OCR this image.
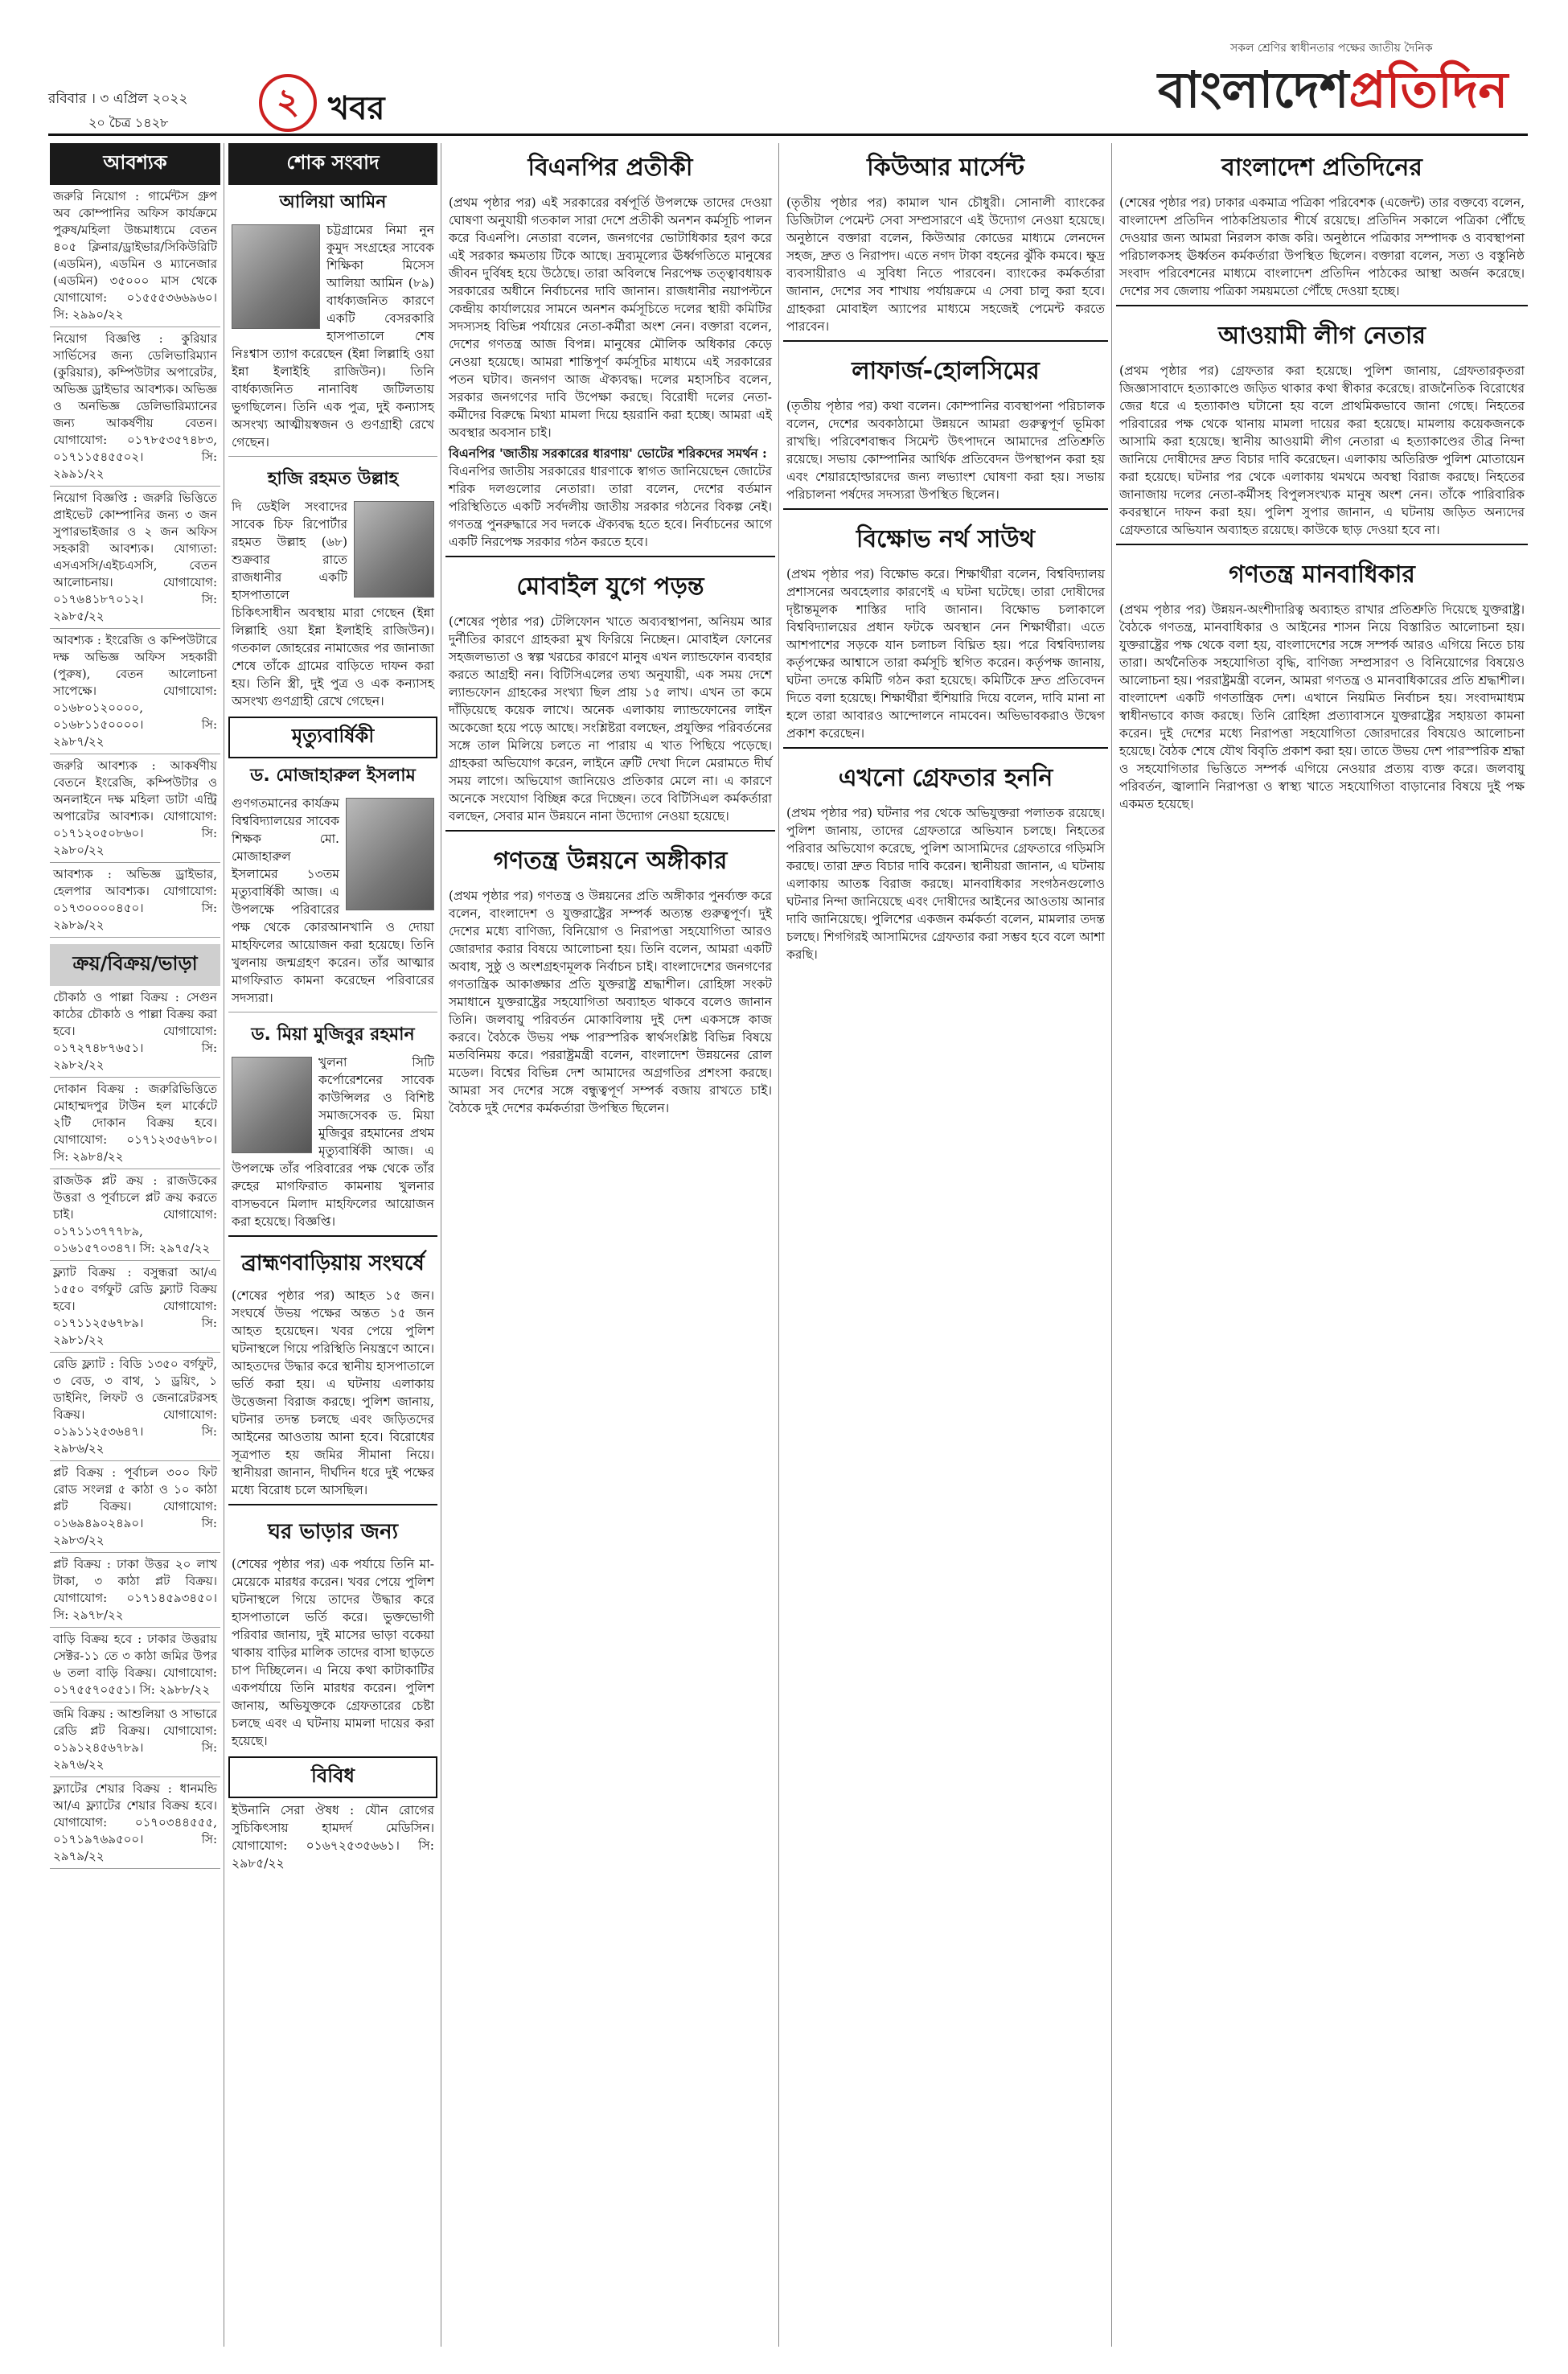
রবিবার । ৩ এপ্রিল ২০২২
২০ চৈত্র ১৪২৮
২ খবর
সকল শ্রেণির স্বাধীনতার পক্ষের জাতীয় দৈনিক
বাংলাদেশপ্রতিদিন
আবশ্যক
জরুরি নিয়োগ : গার্মেন্টস গ্রুপ অব কোম্পানির অফিস কার্যক্রমে পুরুষ/মহিলা উচ্চমাধ্যমে বেতন ৪০৫ ক্লিনার/ড্রাইভার/সিকিউরিটি (এডমিন), এডমিন ও ম্যানেজার (এডমিন) ৩৫০০০ মাস থেকে যোগাযোগ: ০১৫৫৫৩৬৬৯৬০। সি: ২৯৯০/২২
নিয়োগ বিজ্ঞপ্তি : কুরিয়ার সার্ভিসের জন্য ডেলিভারিম্যান (কুরিয়ার), কম্পিউটার অপারেটর, অভিজ্ঞ ড্রাইভার আবশ্যক। অভিজ্ঞ ও অনভিজ্ঞ ডেলিভারিম্যানের জন্য আকর্ষণীয় বেতন। যোগাযোগ: ০১৭৮৫৩৫৭৪৮৩, ০১৭১১৫৪৫৫০২। সি: ২৯৯১/২২
নিয়োগ বিজ্ঞপ্তি : জরুরি ভিত্তিতে প্রাইভেট কোম্পানির জন্য ৩ জন সুপারভাইজার ও ২ জন অফিস সহকারী আবশ্যক। যোগ্যতা: এসএসসি/এইচএসসি, বেতন আলোচনায়। যোগাযোগ: ০১৭৬৪১৮৭০১২। সি: ২৯৮৫/২২
আবশ্যক : ইংরেজি ও কম্পিউটারে দক্ষ অভিজ্ঞ অফিস সহকারী (পুরুষ), বেতন আলোচনা সাপেক্ষে। যোগাযোগ: ০১৬৮০১২০০০০, ০১৬৮১১৫০০০০। সি: ২৯৮৭/২২
জরুরি আবশ্যক : আকর্ষণীয় বেতনে ইংরেজি, কম্পিউটার ও অনলাইনে দক্ষ মহিলা ডাটা এন্ট্রি অপারেটর আবশ্যক। যোগাযোগ: ০১৭১২০৫০৮৬০। সি: ২৯৮০/২২
আবশ্যক : অভিজ্ঞ ড্রাইভার, হেলপার আবশ্যক। যোগাযোগ: ০১৭৩০০০০৪৫০। সি: ২৯৮৯/২২
ক্রয়/বিক্রয়/ভাড়া
চৌকাঠ ও পাল্লা বিক্রয় : সেগুন কাঠের চৌকাঠ ও পাল্লা বিক্রয় করা হবে। যোগাযোগ: ০১৭২৭৪৮৭৬৫১। সি: ২৯৮২/২২
দোকান বিক্রয় : জরুরিভিত্তিতে মোহাম্মদপুর টাউন হল মার্কেটে ২টি দোকান বিক্রয় হবে। যোগাযোগ: ০১৭১২৩৫৬৭৮০। সি: ২৯৮৪/২২
রাজউক প্লট ক্রয় : রাজউকের উত্তরা ও পূর্বাচলে প্লট ক্রয় করতে চাই। যোগাযোগ: ০১৭১১৩৭৭৭৮৯, ০১৬১৫৭০৩৪৭। সি: ২৯৭৫/২২
ফ্ল্যাট বিক্রয় : বসুন্ধরা আ/এ ১৫৫০ বর্গফুট রেডি ফ্ল্যাট বিক্রয় হবে। যোগাযোগ: ০১৭১১২৫৬৭৮৯। সি: ২৯৮১/২২
রেডি ফ্ল্যাট : বিডি ১৩৫০ বর্গফুট, ৩ বেড, ৩ বাথ, ১ ড্রয়িং, ১ ডাইনিং, লিফট ও জেনারেটরসহ বিক্রয়। যোগাযোগ: ০১৯১১২৫৩৬৪৭। সি: ২৯৮৬/২২
প্লট বিক্রয় : পূর্বাচল ৩০০ ফিট রোড সংলগ্ন ৫ কাঠা ও ১০ কাঠা প্লট বিক্রয়। যোগাযোগ: ০১৬৯৪৯০২৪৯০। সি: ২৯৮৩/২২
প্লট বিক্রয় : ঢাকা উত্তর ২০ লাখ টাকা, ৩ কাঠা প্লট বিক্রয়। যোগাযোগ: ০১৭১৪৫৯৩৪৫০। সি: ২৯৭৮/২২
বাড়ি বিক্রয় হবে : ঢাকার উত্তরায় সেক্টর-১১ তে ৩ কাঠা জমির উপর ৬ তলা বাড়ি বিক্রয়। যোগাযোগ: ০১৭৫৫৭০৫৫১। সি: ২৯৮৮/২২
জমি বিক্রয় : আশুলিয়া ও সাভারে রেডি প্লট বিক্রয়। যোগাযোগ: ০১৯১২৪৫৬৭৮৯। সি: ২৯৭৬/২২
ফ্ল্যাটের শেয়ার বিক্রয় : ধানমন্ডি আ/এ ফ্ল্যাটের শেয়ার বিক্রয় হবে। যোগাযোগ: ০১৭০৩৪৪৫৫৫, ০১৭১৯৭৬৯৫০০। সি: ২৯৭৯/২২
শোক সংবাদ
আলিয়া আমিন
চট্টগ্রামের নিমা নুন কুমুদ সংগ্রহের সাবেক শিক্ষিকা মিসেস আলিয়া আমিন (৮৯) বার্ধক্যজনিত কারণে একটি বেসরকারি হাসপাতালে শেষ নিঃশ্বাস ত্যাগ করেছেন (ইন্না লিল্লাহি ওয়া ইন্না ইলাইহি রাজিউন)। তিনি বার্ধক্যজনিত নানাবিধ জটিলতায় ভুগছিলেন। তিনি এক পুত্র, দুই কন্যাসহ অসংখ্য আত্মীয়স্বজন ও গুণগ্রাহী রেখে গেছেন।
হাজি রহমত উল্লাহ
দি ডেইলি সংবাদের সাবেক চিফ রিপোর্টার রহমত উল্লাহ (৬৮) শুক্রবার রাতে রাজধানীর একটি হাসপাতালে চিকিৎসাধীন অবস্থায় মারা গেছেন (ইন্না লিল্লাহি ওয়া ইন্না ইলাইহি রাজিউন)। গতকাল জোহরের নামাজের পর জানাজা শেষে তাঁকে গ্রামের বাড়িতে দাফন করা হয়। তিনি স্ত্রী, দুই পুত্র ও এক কন্যাসহ অসংখ্য গুণগ্রাহী রেখে গেছেন।
মৃত্যুবার্ষিকী
ড. মোজাহারুল ইসলাম
গুণগতমানের কার্যক্রম বিশ্ববিদ্যালয়ের সাবেক শিক্ষক মো. মোজাহারুল ইসলামের ১৩তম মৃত্যুবার্ষিকী আজ। এ উপলক্ষে পরিবারের পক্ষ থেকে কোরআনখানি ও দোয়া মাহফিলের আয়োজন করা হয়েছে। তিনি খুলনায় জন্মগ্রহণ করেন। তাঁর আত্মার মাগফিরাত কামনা করেছেন পরিবারের সদস্যরা।
ড. মিয়া মুজিবুর রহমান
খুলনা সিটি কর্পোরেশনের সাবেক কাউন্সিলর ও বিশিষ্ট সমাজসেবক ড. মিয়া মুজিবুর রহমানের প্রথম মৃত্যুবার্ষিকী আজ। এ উপলক্ষে তাঁর পরিবারের পক্ষ থেকে তাঁর রুহের মাগফিরাত কামনায় খুলনার বাসভবনে মিলাদ মাহফিলের আয়োজন করা হয়েছে। বিজ্ঞপ্তি।
ব্রাহ্মণবাড়িয়ায় সংঘর্ষে
(শেষের পৃষ্ঠার পর) আহত ১৫ জন। সংঘর্ষে উভয় পক্ষের অন্তত ১৫ জন আহত হয়েছেন। খবর পেয়ে পুলিশ ঘটনাস্থলে গিয়ে পরিস্থিতি নিয়ন্ত্রণে আনে। আহতদের উদ্ধার করে স্থানীয় হাসপাতালে ভর্তি করা হয়। এ ঘটনায় এলাকায় উত্তেজনা বিরাজ করছে। পুলিশ জানায়, ঘটনার তদন্ত চলছে এবং জড়িতদের আইনের আওতায় আনা হবে। বিরোধের সূত্রপাত হয় জমির সীমানা নিয়ে। স্থানীয়রা জানান, দীর্ঘদিন ধরে দুই পক্ষের মধ্যে বিরোধ চলে আসছিল।
ঘর ভাড়ার জন্য
(শেষের পৃষ্ঠার পর) এক পর্যায়ে তিনি মা-মেয়েকে মারধর করেন। খবর পেয়ে পুলিশ ঘটনাস্থলে গিয়ে তাদের উদ্ধার করে হাসপাতালে ভর্তি করে। ভুক্তভোগী পরিবার জানায়, দুই মাসের ভাড়া বকেয়া থাকায় বাড়ির মালিক তাদের বাসা ছাড়তে চাপ দিচ্ছিলেন। এ নিয়ে কথা কাটাকাটির একপর্যায়ে তিনি মারধর করেন। পুলিশ জানায়, অভিযুক্তকে গ্রেফতারের চেষ্টা চলছে এবং এ ঘটনায় মামলা দায়ের করা হয়েছে।
বিবিধ
ইউনানি সেরা ঔষধ : যৌন রোগের সুচিকিৎসায় হামদর্দ মেডিসিন। যোগাযোগ: ০১৬৭২৫৩৫৬৬১। সি: ২৯৮৫/২২
বিএনপির প্রতীকী
(প্রথম পৃষ্ঠার পর) এই সরকারের বর্ষপূর্তি উপলক্ষে তাদের দেওয়া ঘোষণা অনুযায়ী গতকাল সারা দেশে প্রতীকী অনশন কর্মসূচি পালন করে বিএনপি। নেতারা বলেন, জনগণের ভোটাধিকার হরণ করে এই সরকার ক্ষমতায় টিকে আছে। দ্রব্যমূল্যের ঊর্ধ্বগতিতে মানুষের জীবন দুর্বিষহ হয়ে উঠেছে। তারা অবিলম্বে নিরপেক্ষ তত্ত্বাবধায়ক সরকারের অধীনে নির্বাচনের দাবি জানান। রাজধানীর নয়াপল্টনে কেন্দ্রীয় কার্যালয়ের সামনে অনশন কর্মসূচিতে দলের স্থায়ী কমিটির সদস্যসহ বিভিন্ন পর্যায়ের নেতা-কর্মীরা অংশ নেন। বক্তারা বলেন, দেশের গণতন্ত্র আজ বিপন্ন। মানুষের মৌলিক অধিকার কেড়ে নেওয়া হয়েছে। আমরা শান্তিপূর্ণ কর্মসূচির মাধ্যমে এই সরকারের পতন ঘটাব। জনগণ আজ ঐক্যবদ্ধ। দলের মহাসচিব বলেন, সরকার জনগণের দাবি উপেক্ষা করছে। বিরোধী দলের নেতা-কর্মীদের বিরুদ্ধে মিথ্যা মামলা দিয়ে হয়রানি করা হচ্ছে। আমরা এই অবস্থার অবসান চাই।
বিএনপির 'জাতীয় সরকারের ধারণায়' ভোটের শরিকদের সমর্থন :
বিএনপির জাতীয় সরকারের ধারণাকে স্বাগত জানিয়েছেন জোটের শরিক দলগুলোর নেতারা। তারা বলেন, দেশের বর্তমান পরিস্থিতিতে একটি সর্বদলীয় জাতীয় সরকার গঠনের বিকল্প নেই। গণতন্ত্র পুনরুদ্ধারে সব দলকে ঐক্যবদ্ধ হতে হবে। নির্বাচনের আগে একটি নিরপেক্ষ সরকার গঠন করতে হবে।
মোবাইল যুগে পড়ন্ত
(শেষের পৃষ্ঠার পর) টেলিফোন খাতে অব্যবস্থাপনা, অনিয়ম আর দুর্নীতির কারণে গ্রাহকরা মুখ ফিরিয়ে নিচ্ছেন। মোবাইল ফোনের সহজলভ্যতা ও স্বল্প খরচের কারণে মানুষ এখন ল্যান্ডফোন ব্যবহার করতে আগ্রহী নন। বিটিসিএলের তথ্য অনুযায়ী, এক সময় দেশে ল্যান্ডফোন গ্রাহকের সংখ্যা ছিল প্রায় ১৫ লাখ। এখন তা কমে দাঁড়িয়েছে কয়েক লাখে। অনেক এলাকায় ল্যান্ডফোনের লাইন অকেজো হয়ে পড়ে আছে। সংশ্লিষ্টরা বলছেন, প্রযুক্তির পরিবর্তনের সঙ্গে তাল মিলিয়ে চলতে না পারায় এ খাত পিছিয়ে পড়েছে। গ্রাহকরা অভিযোগ করেন, লাইনে ত্রুটি দেখা দিলে মেরামতে দীর্ঘ সময় লাগে। অভিযোগ জানিয়েও প্রতিকার মেলে না। এ কারণে অনেকে সংযোগ বিচ্ছিন্ন করে দিচ্ছেন। তবে বিটিসিএল কর্মকর্তারা বলছেন, সেবার মান উন্নয়নে নানা উদ্যোগ নেওয়া হয়েছে।
গণতন্ত্র উন্নয়নে অঙ্গীকার
(প্রথম পৃষ্ঠার পর) গণতন্ত্র ও উন্নয়নের প্রতি অঙ্গীকার পুনর্ব্যক্ত করে বলেন, বাংলাদেশ ও যুক্তরাষ্ট্রের সম্পর্ক অত্যন্ত গুরুত্বপূর্ণ। দুই দেশের মধ্যে বাণিজ্য, বিনিয়োগ ও নিরাপত্তা সহযোগিতা আরও জোরদার করার বিষয়ে আলোচনা হয়। তিনি বলেন, আমরা একটি অবাধ, সুষ্ঠু ও অংশগ্রহণমূলক নির্বাচন চাই। বাংলাদেশের জনগণের গণতান্ত্রিক আকাঙ্ক্ষার প্রতি যুক্তরাষ্ট্র শ্রদ্ধাশীল। রোহিঙ্গা সংকট সমাধানে যুক্তরাষ্ট্রের সহযোগিতা অব্যাহত থাকবে বলেও জানান তিনি। জলবায়ু পরিবর্তন মোকাবিলায় দুই দেশ একসঙ্গে কাজ করবে। বৈঠকে উভয় পক্ষ পারস্পরিক স্বার্থসংশ্লিষ্ট বিভিন্ন বিষয়ে মতবিনিময় করে। পররাষ্ট্রমন্ত্রী বলেন, বাংলাদেশ উন্নয়নের রোল মডেল। বিশ্বের বিভিন্ন দেশ আমাদের অগ্রগতির প্রশংসা করছে। আমরা সব দেশের সঙ্গে বন্ধুত্বপূর্ণ সম্পর্ক বজায় রাখতে চাই। বৈঠকে দুই দেশের কর্মকর্তারা উপস্থিত ছিলেন।
কিউআর মার্সেন্ট
(তৃতীয় পৃষ্ঠার পর) কামাল খান চৌধুরী। সোনালী ব্যাংকের ডিজিটাল পেমেন্ট সেবা সম্প্রসারণে এই উদ্যোগ নেওয়া হয়েছে। অনুষ্ঠানে বক্তারা বলেন, কিউআর কোডের মাধ্যমে লেনদেন সহজ, দ্রুত ও নিরাপদ। এতে নগদ টাকা বহনের ঝুঁকি কমবে। ক্ষুদ্র ব্যবসায়ীরাও এ সুবিধা নিতে পারবেন। ব্যাংকের কর্মকর্তারা জানান, দেশের সব শাখায় পর্যায়ক্রমে এ সেবা চালু করা হবে। গ্রাহকরা মোবাইল অ্যাপের মাধ্যমে সহজেই পেমেন্ট করতে পারবেন।
লাফার্জ-হোলসিমের
(তৃতীয় পৃষ্ঠার পর) কথা বলেন। কোম্পানির ব্যবস্থাপনা পরিচালক বলেন, দেশের অবকাঠামো উন্নয়নে আমরা গুরুত্বপূর্ণ ভূমিকা রাখছি। পরিবেশবান্ধব সিমেন্ট উৎপাদনে আমাদের প্রতিশ্রুতি রয়েছে। সভায় কোম্পানির আর্থিক প্রতিবেদন উপস্থাপন করা হয় এবং শেয়ারহোল্ডারদের জন্য লভ্যাংশ ঘোষণা করা হয়। সভায় পরিচালনা পর্ষদের সদস্যরা উপস্থিত ছিলেন।
বিক্ষোভ নর্থ সাউথ
(প্রথম পৃষ্ঠার পর) বিক্ষোভ করে। শিক্ষার্থীরা বলেন, বিশ্ববিদ্যালয় প্রশাসনের অবহেলার কারণেই এ ঘটনা ঘটেছে। তারা দোষীদের দৃষ্টান্তমূলক শাস্তির দাবি জানান। বিক্ষোভ চলাকালে বিশ্ববিদ্যালয়ের প্রধান ফটকে অবস্থান নেন শিক্ষার্থীরা। এতে আশপাশের সড়কে যান চলাচল বিঘ্নিত হয়। পরে বিশ্ববিদ্যালয় কর্তৃপক্ষের আশ্বাসে তারা কর্মসূচি স্থগিত করেন। কর্তৃপক্ষ জানায়, ঘটনা তদন্তে কমিটি গঠন করা হয়েছে। কমিটিকে দ্রুত প্রতিবেদন দিতে বলা হয়েছে। শিক্ষার্থীরা হুঁশিয়ারি দিয়ে বলেন, দাবি মানা না হলে তারা আবারও আন্দোলনে নামবেন। অভিভাবকরাও উদ্বেগ প্রকাশ করেছেন।
এখনো গ্রেফতার হননি
(প্রথম পৃষ্ঠার পর) ঘটনার পর থেকে অভিযুক্তরা পলাতক রয়েছে। পুলিশ জানায়, তাদের গ্রেফতারে অভিযান চলছে। নিহতের পরিবার অভিযোগ করেছে, পুলিশ আসামিদের গ্রেফতারে গড়িমসি করছে। তারা দ্রুত বিচার দাবি করেন। স্থানীয়রা জানান, এ ঘটনায় এলাকায় আতঙ্ক বিরাজ করছে। মানবাধিকার সংগঠনগুলোও ঘটনার নিন্দা জানিয়েছে এবং দোষীদের আইনের আওতায় আনার দাবি জানিয়েছে। পুলিশের একজন কর্মকর্তা বলেন, মামলার তদন্ত চলছে। শিগগিরই আসামিদের গ্রেফতার করা সম্ভব হবে বলে আশা করছি।
বাংলাদেশ প্রতিদিনের
(শেষের পৃষ্ঠার পর) ঢাকার একমাত্র পত্রিকা পরিবেশক (এজেন্ট) তার বক্তব্যে বলেন, বাংলাদেশ প্রতিদিন পাঠকপ্রিয়তার শীর্ষে রয়েছে। প্রতিদিন সকালে পত্রিকা পৌঁছে দেওয়ার জন্য আমরা নিরলস কাজ করি। অনুষ্ঠানে পত্রিকার সম্পাদক ও ব্যবস্থাপনা পরিচালকসহ ঊর্ধ্বতন কর্মকর্তারা উপস্থিত ছিলেন। বক্তারা বলেন, সত্য ও বস্তুনিষ্ঠ সংবাদ পরিবেশনের মাধ্যমে বাংলাদেশ প্রতিদিন পাঠকের আস্থা অর্জন করেছে। দেশের সব জেলায় পত্রিকা সময়মতো পৌঁছে দেওয়া হচ্ছে।
আওয়ামী লীগ নেতার
(প্রথম পৃষ্ঠার পর) গ্রেফতার করা হয়েছে। পুলিশ জানায়, গ্রেফতারকৃতরা জিজ্ঞাসাবাদে হত্যাকাণ্ডে জড়িত থাকার কথা স্বীকার করেছে। রাজনৈতিক বিরোধের জের ধরে এ হত্যাকাণ্ড ঘটানো হয় বলে প্রাথমিকভাবে জানা গেছে। নিহতের পরিবারের পক্ষ থেকে থানায় মামলা দায়ের করা হয়েছে। মামলায় কয়েকজনকে আসামি করা হয়েছে। স্থানীয় আওয়ামী লীগ নেতারা এ হত্যাকাণ্ডের তীব্র নিন্দা জানিয়ে দোষীদের দ্রুত বিচার দাবি করেছেন। এলাকায় অতিরিক্ত পুলিশ মোতায়েন করা হয়েছে। ঘটনার পর থেকে এলাকায় থমথমে অবস্থা বিরাজ করছে। নিহতের জানাজায় দলের নেতা-কর্মীসহ বিপুলসংখ্যক মানুষ অংশ নেন। তাঁকে পারিবারিক কবরস্থানে দাফন করা হয়। পুলিশ সুপার জানান, এ ঘটনায় জড়িত অন্যদের গ্রেফতারে অভিযান অব্যাহত রয়েছে। কাউকে ছাড় দেওয়া হবে না।
গণতন্ত্র মানবাধিকার
(প্রথম পৃষ্ঠার পর) উন্নয়ন-অংশীদারিত্ব অব্যাহত রাখার প্রতিশ্রুতি দিয়েছে যুক্তরাষ্ট্র। বৈঠকে গণতন্ত্র, মানবাধিকার ও আইনের শাসন নিয়ে বিস্তারিত আলোচনা হয়। যুক্তরাষ্ট্রের পক্ষ থেকে বলা হয়, বাংলাদেশের সঙ্গে সম্পর্ক আরও এগিয়ে নিতে চায় তারা। অর্থনৈতিক সহযোগিতা বৃদ্ধি, বাণিজ্য সম্প্রসারণ ও বিনিয়োগের বিষয়েও আলোচনা হয়। পররাষ্ট্রমন্ত্রী বলেন, আমরা গণতন্ত্র ও মানবাধিকারের প্রতি শ্রদ্ধাশীল। বাংলাদেশ একটি গণতান্ত্রিক দেশ। এখানে নিয়মিত নির্বাচন হয়। সংবাদমাধ্যম স্বাধীনভাবে কাজ করছে। তিনি রোহিঙ্গা প্রত্যাবাসনে যুক্তরাষ্ট্রের সহায়তা কামনা করেন। দুই দেশের মধ্যে নিরাপত্তা সহযোগিতা জোরদারের বিষয়েও আলোচনা হয়েছে। বৈঠক শেষে যৌথ বিবৃতি প্রকাশ করা হয়। তাতে উভয় দেশ পারস্পরিক শ্রদ্ধা ও সহযোগিতার ভিত্তিতে সম্পর্ক এগিয়ে নেওয়ার প্রত্যয় ব্যক্ত করে। জলবায়ু পরিবর্তন, জ্বালানি নিরাপত্তা ও স্বাস্থ্য খাতে সহযোগিতা বাড়ানোর বিষয়ে দুই পক্ষ একমত হয়েছে।
